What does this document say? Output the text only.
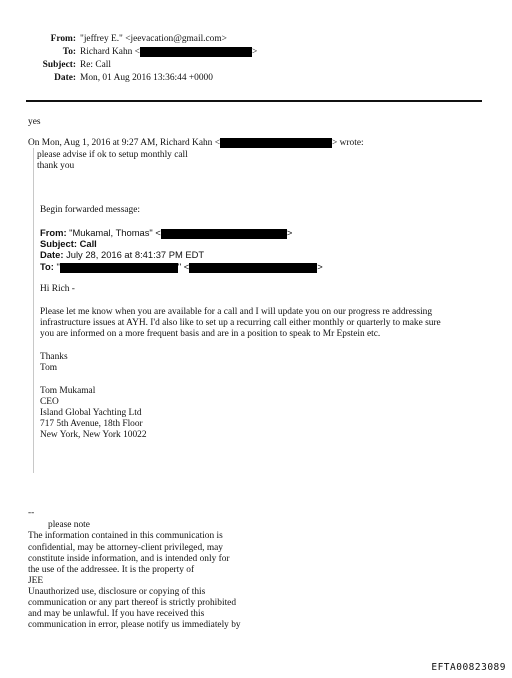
From: "jeffrey E." <jeevacation@gmail.com>
To: Richard Kahn <	>
Subject: Re: Call
Date: Mon, 01 Aug 2016 13:36:44 +0000
yes
On Mon, Aug 1, 2016 at 9:27 AM, Richard Kahn <	> wrote:
please advise if ok to setup monthly call
thank you
Begin forwarded message:
From: "Mukamal, Thomas" <	>
Subject: Call
Date: July 28, 2016 at 8:41:37 PM EDT
To: "	" <	>
Hi Rich -
Please let me know when you are available for a call and I will update you on our progress re addressing
infrastructure issues at AYH. I'd also like to set up a recurring call either monthly or quarterly to make sure
you are informed on a more frequent basis and are in a position to speak to Mr Epstein etc.
Thanks
Tom
Tom Mukamal
CEO
Island Global Yachting Ltd
717 5th Avenue, 18th Floor
New York, New York 10022
--
please note
The information contained in this communication is
confidential, may be attorney-client privileged, may
constitute inside information, and is intended only for
the use of the addressee. It is the property of
JEE
Unauthorized use, disclosure or copying of this
communication or any part thereof is strictly prohibited
and may be unlawful. If you have received this
communication in error, please notify us immediately by
EFTA00823089
